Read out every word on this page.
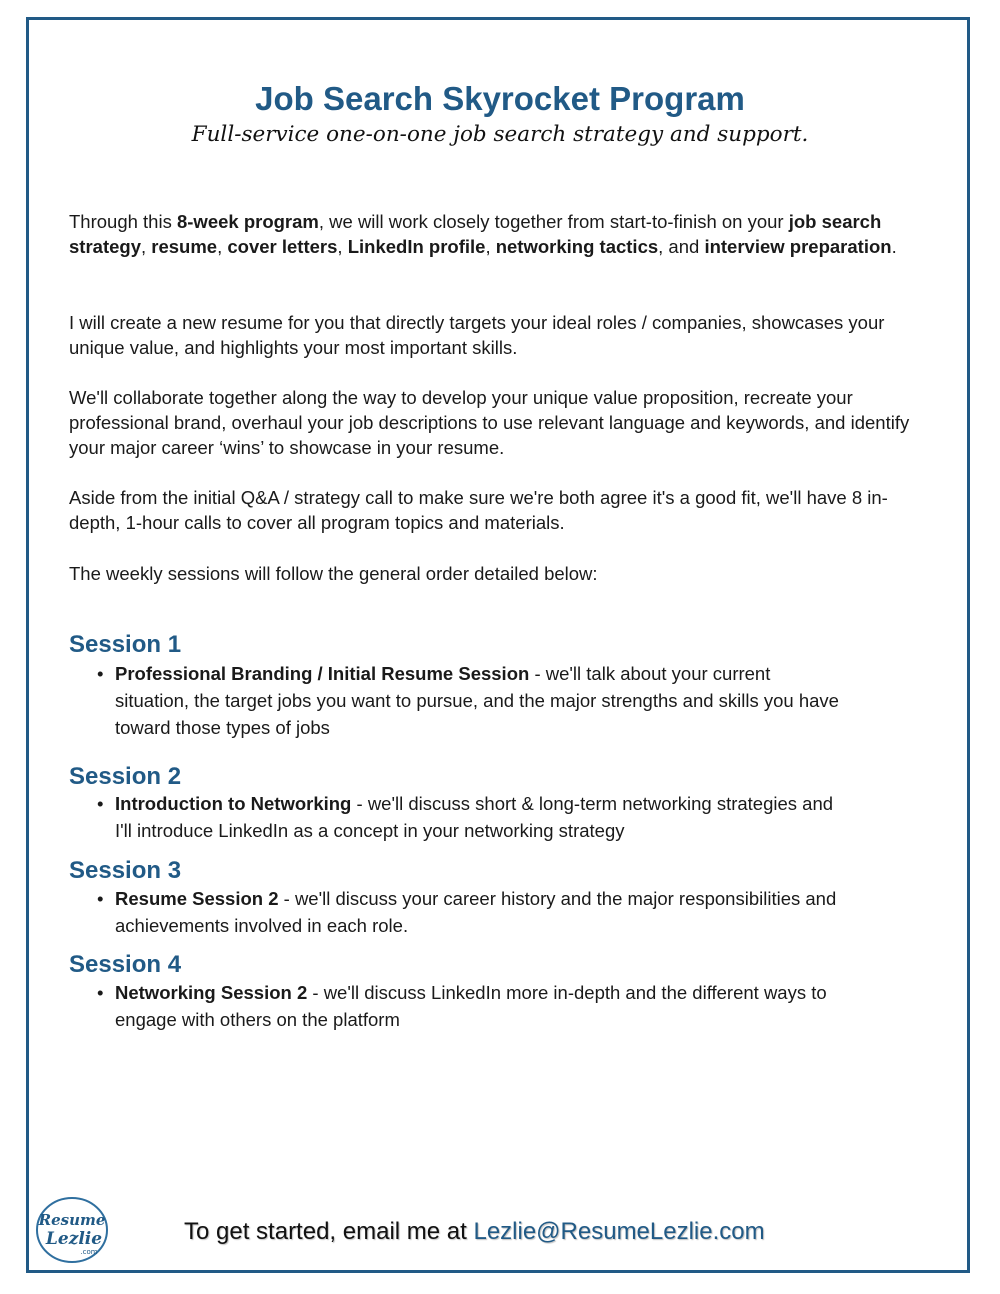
Job Search Skyrocket Program

Full-service one-on-one job search strategy and support.

Through this 8-week program, we will work closely together from start-to-finish on your job search strategy, resume, cover letters, LinkedIn profile, networking tactics, and interview preparation.

I will create a new resume for you that directly targets your ideal roles / companies, showcases your unique value, and highlights your most important skills.

We'll collaborate together along the way to develop your unique value proposition, recreate your professional brand, overhaul your job descriptions to use relevant language and keywords, and identify your major career ‘wins’ to showcase in your resume.

Aside from the initial Q&A / strategy call to make sure we're both agree it's a good fit, we'll have 8 in-depth, 1-hour calls to cover all program topics and materials.

The weekly sessions will follow the general order detailed below:

Session 1

• Professional Branding / Initial Resume Session - we'll talk about your current situation, the target jobs you want to pursue, and the major strengths and skills you have toward those types of jobs

Session 2

• Introduction to Networking - we'll discuss short & long-term networking strategies and I'll introduce LinkedIn as a concept in your networking strategy

Session 3

• Resume Session 2 - we'll discuss your career history and the major responsibilities and achievements involved in each role.

Session 4

• Networking Session 2 - we'll discuss LinkedIn more in-depth and the different ways to engage with others on the platform

Resume
Lezlie
.com

To get started, email me at Lezlie@ResumeLezlie.com
